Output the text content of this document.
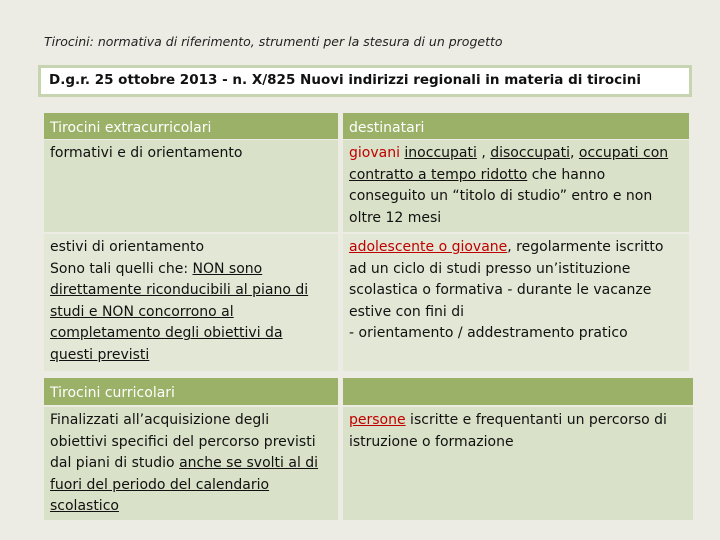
Tirocini: normativa di riferimento, strumenti per la stesura di un progetto
D.g.r. 25 ottobre 2013 - n. X/825 Nuovi indirizzi regionali in materia di tirocini
Tirocini extracurricolari	destinatari
formativi e di orientamento	giovani inoccupati , disoccupati, occupati con
contratto a tempo ridotto che hanno
conseguito un “titolo di studio” entro e non
oltre 12 mesi
estivi di orientamento
Sono tali quelli che: NON sono
direttamente riconducibili al piano di
studi e NON concorrono al
completamento degli obiettivi da
questi previsti
adolescente o giovane, regolarmente iscritto
ad un ciclo di studi presso un’istituzione
scolastica o formativa - durante le vacanze
estive con fini di
- orientamento / addestramento pratico
Tirocini curricolari
Finalizzati all’acquisizione degli
obiettivi specifici del percorso previsti
dal piani di studio anche se svolti al di
fuori del periodo del calendario
scolastico
persone iscritte e frequentanti un percorso di
istruzione o formazione
